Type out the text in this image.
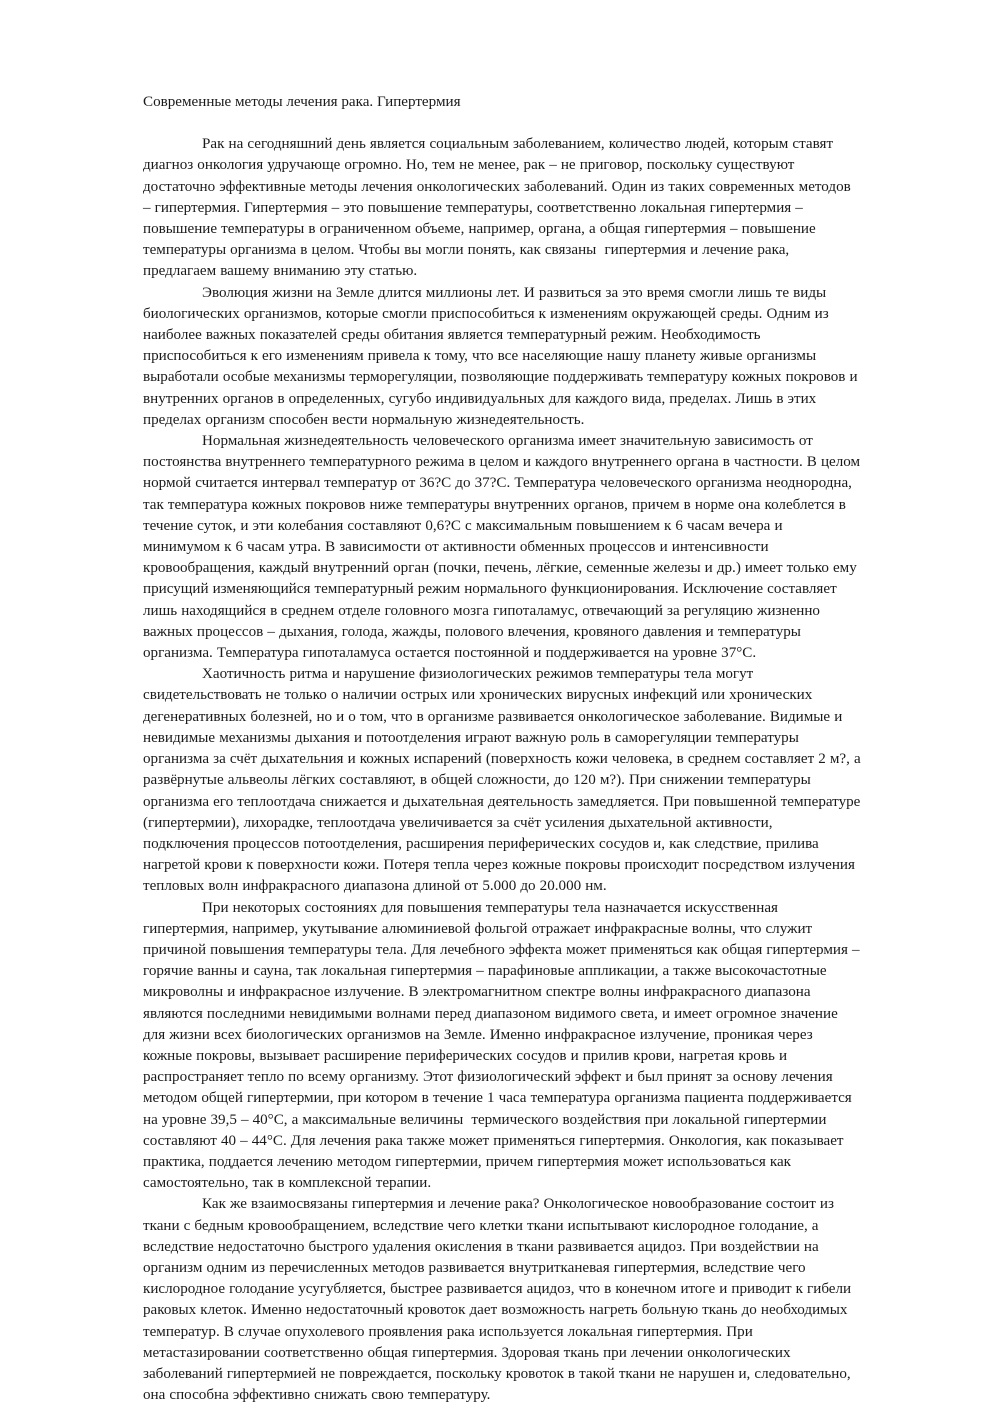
Современные методы лечения рака. Гипертермия

Рак на сегодняшний день является социальным заболеванием, количество людей, которым ставят диагноз онкология удручающе огромно. Но, тем не менее, рак – не приговор, поскольку существуют достаточно эффективные методы лечения онкологических заболеваний. Один из таких современных методов – гипертермия. Гипертермия – это повышение температуры, соответственно локальная гипертермия – повышение температуры в ограниченном объеме, например, органа, а общая гипертермия – повышение температуры организма в целом. Чтобы вы могли понять, как связаны  гипертермия и лечение рака, предлагаем вашему вниманию эту статью.

Эволюция жизни на Земле длится миллионы лет. И развиться за это время смогли лишь те виды биологических организмов, которые смогли приспособиться к изменениям окружающей среды. Одним из наиболее важных показателей среды обитания является температурный режим. Необходимость приспособиться к его изменениям привела к тому, что все населяющие нашу планету живые организмы выработали особые механизмы терморегуляции, позволяющие поддерживать температуру кожных покровов и внутренних органов в определенных, сугубо индивидуальных для каждого вида, пределах. Лишь в этих пределах организм способен вести нормальную жизнедеятельность.

Нормальная жизнедеятельность человеческого организма имеет значительную зависимость от постоянства внутреннего температурного режима в целом и каждого внутреннего органа в частности. В целом нормой считается интервал температур от 36?С до 37?С. Температура человеческого организма неоднородна, так температура кожных покровов ниже температуры внутренних органов, причем в норме она колеблется в течение суток, и эти колебания составляют 0,6?С с максимальным повышением к 6 часам вечера и минимумом к 6 часам утра. В зависимости от активности обменных процессов и интенсивности кровообращения, каждый внутренний орган (почки, печень, лёгкие, семенные железы и др.) имеет только ему присущий изменяющийся температурный режим нормального функционирования. Исключение составляет лишь находящийся в среднем отделе головного мозга гипоталамус, отвечающий за регуляцию жизненно важных процессов – дыхания, голода, жажды, полового влечения, кровяного давления и температуры организма. Температура гипоталамуса остается постоянной и поддерживается на уровне 37°С.

Хаотичность ритма и нарушение физиологических режимов температуры тела могут свидетельствовать не только о наличии острых или хронических вирусных инфекций или хронических дегенеративных болезней, но и о том, что в организме развивается онкологическое заболевание. Видимые и невидимые механизмы дыхания и потоотделения играют важную роль в саморегуляции температуры организма за счёт дыхательния и кожных испарений (поверхность кожи человека, в среднем составляет 2 м?, а развёрнутые альвеолы лёгких составляют, в общей сложности, до 120 м?). При снижении температуры организма его теплоотдача снижается и дыхательная деятельность замедляется. При повышенной температуре (гипертермии), лихорадке, теплоотдача увеличивается за счёт усиления дыхательной активности, подключения процессов потоотделения, расширения периферических сосудов и, как следствие, прилива нагретой крови к поверхности кожи. Потеря тепла через кожные покровы происходит посредством излучения тепловых волн инфракрасного диапазона длиной от 5.000 до 20.000 нм.

При некоторых состояниях для повышения температуры тела назначается искусственная гипертермия, например, укутывание алюминиевой фольгой отражает инфракрасные волны, что служит причиной повышения температуры тела. Для лечебного эффекта может применяться как общая гипертермия – горячие ванны и сауна, так локальная гипертермия – парафиновые аппликации, а также высокочастотные микроволны и инфракрасное излучение. В электромагнитном спектре волны инфракрасного диапазона являются последними невидимыми волнами перед диапазоном видимого света, и имеет огромное значение для жизни всех биологических организмов на Земле. Именно инфракрасное излучение, проникая через кожные покровы, вызывает расширение периферических сосудов и прилив крови, нагретая кровь и распространяет тепло по всему организму. Этот физиологический эффект и был принят за основу лечения методом общей гипертермии, при котором в течение 1 часа температура организма пациента поддерживается на уровне 39,5 – 40°С, а максимальные величины  термического воздействия при локальной гипертермии составляют 40 – 44°С. Для лечения рака также может применяться гипертермия. Онкология, как показывает практика, поддается лечению методом гипертермии, причем гипертермия может использоваться как самостоятельно, так в комплексной терапии.

Как же взаимосвязаны гипертермия и лечение рака? Онкологическое новообразование состоит из ткани с бедным кровообращением, вследствие чего клетки ткани испытывают кислородное голодание, а вследствие недостаточно быстрого удаления окисления в ткани развивается ацидоз. При воздействии на организм одним из перечисленных методов развивается внутритканевая гипертермия, вследствие чего кислородное голодание усугубляется, быстрее развивается ацидоз, что в конечном итоге и приводит к гибели раковых клеток. Именно недостаточный кровоток дает возможность нагреть больную ткань до необходимых температур. В случае опухолевого проявления рака используется локальная гипертермия. При метастазировании соответственно общая гипертермия. Здоровая ткань при лечении онкологических заболеваний гипертермией не повреждается, поскольку кровоток в такой ткани не нарушен и, следовательно, она способна эффективно снижать свою температуру.
